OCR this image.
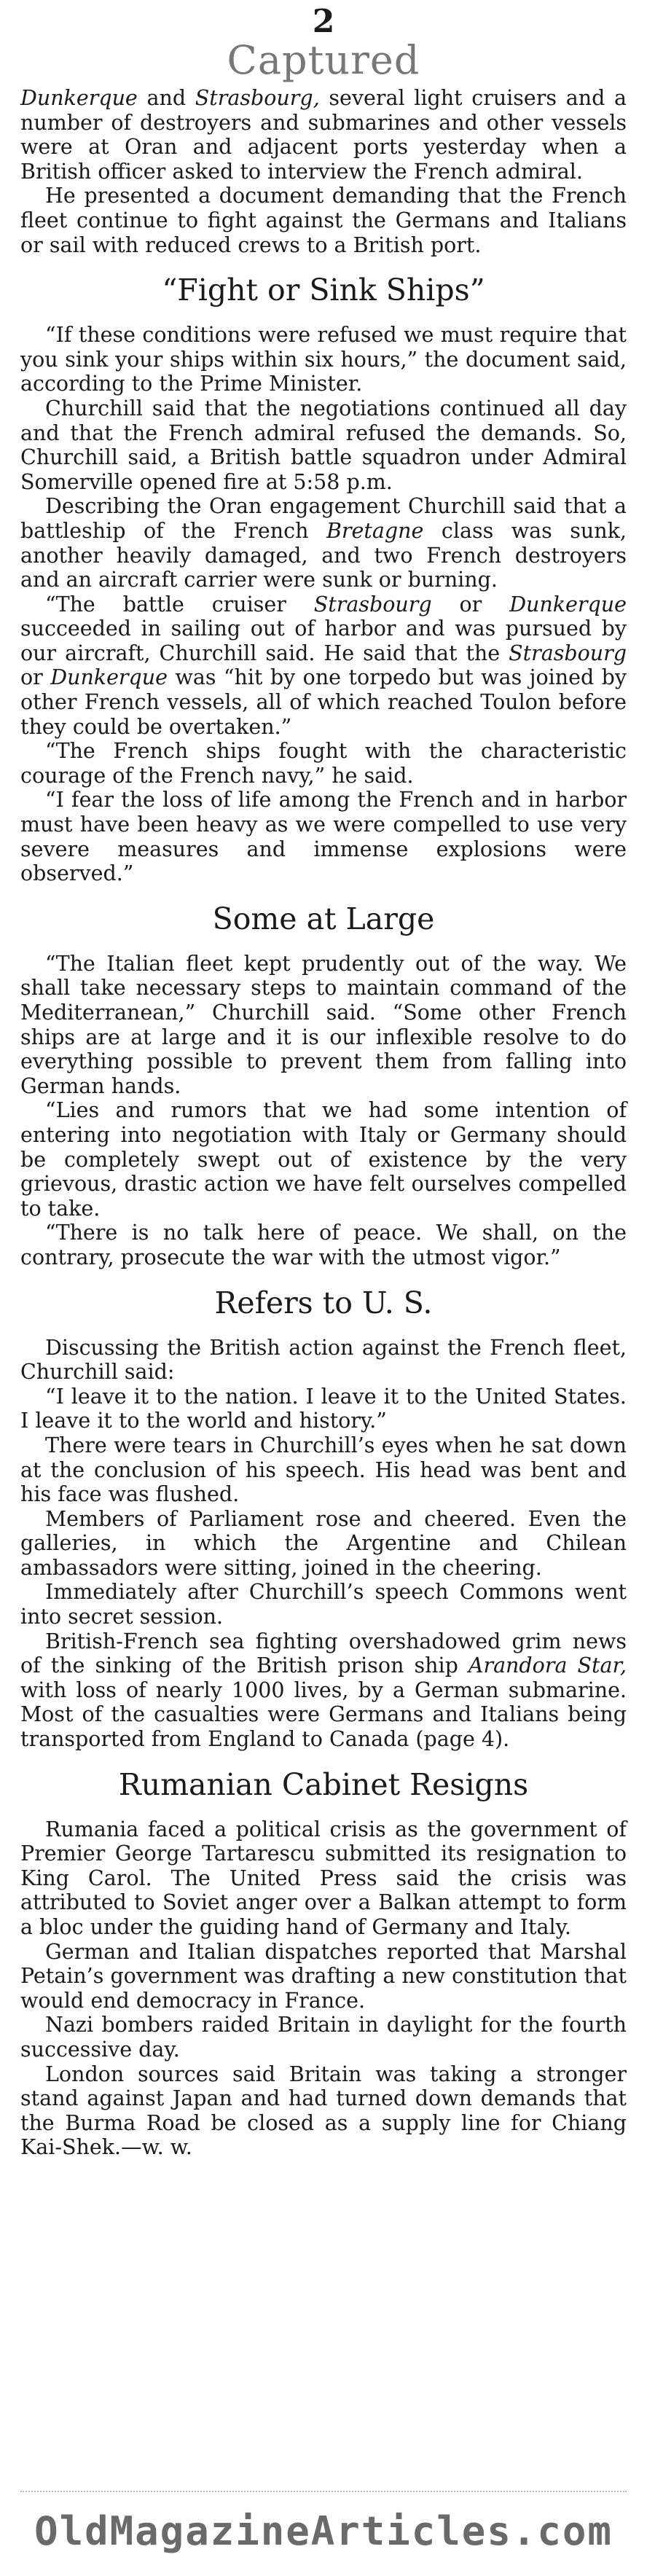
2
Captured

Dunkerque and Strasbourg, several light cruisers and a number of destroyers and submarines and other vessels were at Oran and adjacent ports yesterday when a British officer asked to interview the French admiral.

He presented a document demanding that the French fleet continue to fight against the Germans and Italians or sail with reduced crews to a British port.

“Fight or Sink Ships”

“If these conditions were refused we must require that you sink your ships within six hours,” the document said, according to the Prime Minister.

Churchill said that the negotiations continued all day and that the French admiral refused the demands. So, Churchill said, a British battle squadron under Admiral Somerville opened fire at 5:58 p.m.

Describing the Oran engagement Churchill said that a battleship of the French Bretagne class was sunk, another heavily damaged, and two French destroyers and an aircraft carrier were sunk or burning.

“The battle cruiser Strasbourg or Dunkerque succeeded in sailing out of harbor and was pursued by our aircraft, Churchill said. He said that the Strasbourg or Dunkerque was “hit by one torpedo but was joined by other French vessels, all of which reached Toulon before they could be overtaken.”

“The French ships fought with the characteristic courage of the French navy,” he said.

“I fear the loss of life among the French and in harbor must have been heavy as we were compelled to use very severe measures and immense explosions were observed.”

Some at Large

“The Italian fleet kept prudently out of the way. We shall take necessary steps to maintain command of the Mediterranean,” Churchill said. “Some other French ships are at large and it is our inflexible resolve to do everything possible to prevent them from falling into German hands.

“Lies and rumors that we had some intention of entering into negotiation with Italy or Germany should be completely swept out of existence by the very grievous, drastic action we have felt ourselves compelled to take.

“There is no talk here of peace. We shall, on the contrary, prosecute the war with the utmost vigor.”

Refers to U. S.

Discussing the British action against the French fleet, Churchill said:

“I leave it to the nation. I leave it to the United States. I leave it to the world and history.”

There were tears in Churchill’s eyes when he sat down at the conclusion of his speech. His head was bent and his face was flushed.

Members of Parliament rose and cheered. Even the galleries, in which the Argentine and Chilean ambassadors were sitting, joined in the cheering.

Immediately after Churchill’s speech Commons went into secret session.

British-French sea fighting overshadowed grim news of the sinking of the British prison ship Arandora Star, with loss of nearly 1000 lives, by a German submarine. Most of the casualties were Germans and Italians being transported from England to Canada (page 4).

Rumanian Cabinet Resigns

Rumania faced a political crisis as the government of Premier George Tartarescu submitted its resignation to King Carol. The United Press said the crisis was attributed to Soviet anger over a Balkan attempt to form a bloc under the guiding hand of Germany and Italy.

German and Italian dispatches reported that Marshal Petain’s government was drafting a new constitution that would end democracy in France.

Nazi bombers raided Britain in daylight for the fourth successive day.

London sources said Britain was taking a stronger stand against Japan and had turned down demands that the Burma Road be closed as a supply line for Chiang Kai-Shek.—w. w.

OldMagazineArticles.com
